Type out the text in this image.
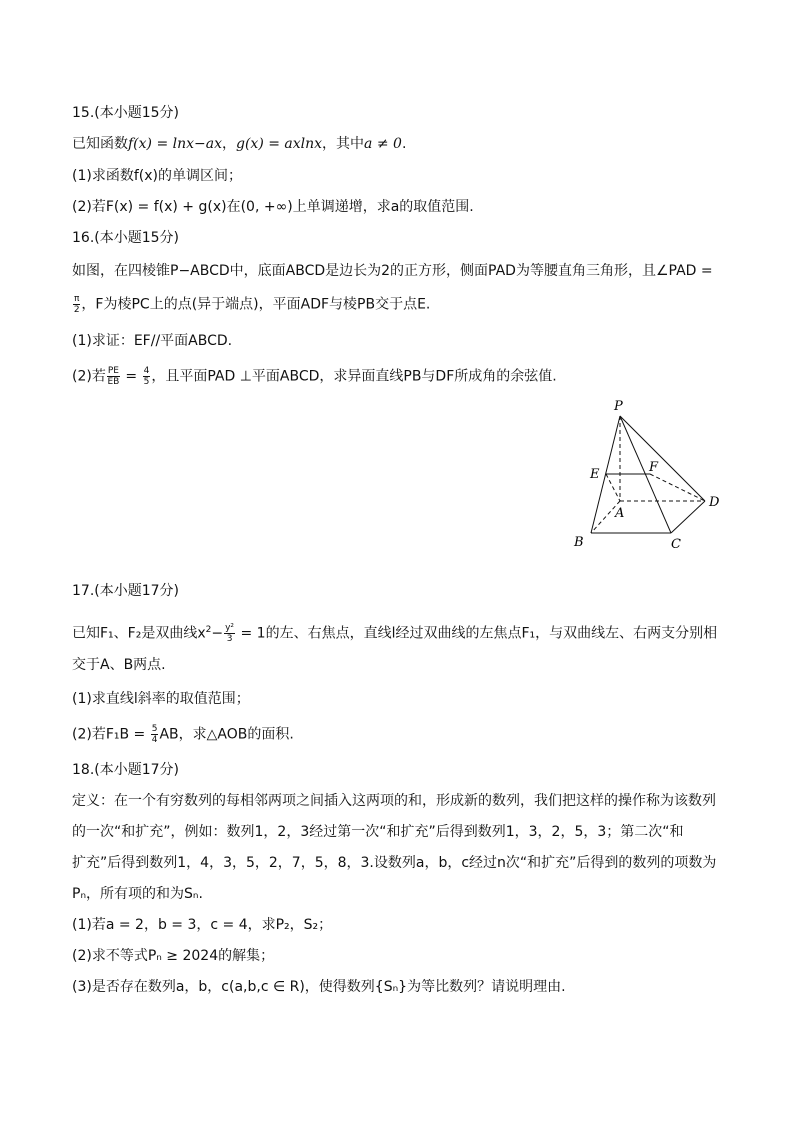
15.(本小题15分)
已知函数f(x) = lnx−ax，g(x) = axlnx，其中a ≠ 0.
(1)求函数f(x)的单调区间；
(2)若F(x) = f(x) + g(x)在(0, +∞)上单调递增，求a的取值范围.
16.(本小题15分)
如图，在四棱锥P−ABCD中，底面ABCD是边长为2的正方形，侧面PAD为等腰直角三角形，且∠PAD =
$\frac{\pi}{2}$ ，F为棱PC上的点(异于端点)，平面ADF与棱PB交于点E.
(1)求证：EF//平面ABCD.
(2)若 $\frac{PE}{EB} = \frac{4}{5}$ ，且平面PAD ⊥平面ABCD，求异面直线PB与DF所成角的余弦值.
P
E	F
A
D
B	C
17.(本小题17分)
已知F₁、F₂是双曲线$x^2- \frac{\text{y²}}{3} = 1$的左、右焦点，直线l经过双曲线的左焦点F₁，与双曲线左、右两支分别相
交于A、B两点.
(1)求直线l斜率的取值范围；
(2)若$F_1B = \frac{5}{4}$ AB，求△AOB的面积.
18.(本小题17分)
定义：在一个有穷数列的每相邻两项之间插入这两项的和，形成新的数列，我们把这样的操作称为该数列
的一次“和扩充”，例如：数列1，2，3经过第一次“和扩充”后得到数列1，3，2，5，3；第二次“和
扩充”后得到数列1，4，3，5，2，7，5，8，3.设数列a，b，c经过n次“和扩充”后得到的数列的项数为
Pₙ，所有项的和为Sₙ.
(1)若a = 2，b = 3，c = 4，求P₂，S₂；
(2)求不等式Pₙ ≥ 2024的解集；
(3)是否存在数列a，b，c(a,b,c ∈ R)，使得数列{Sₙ}为等比数列？请说明理由.
